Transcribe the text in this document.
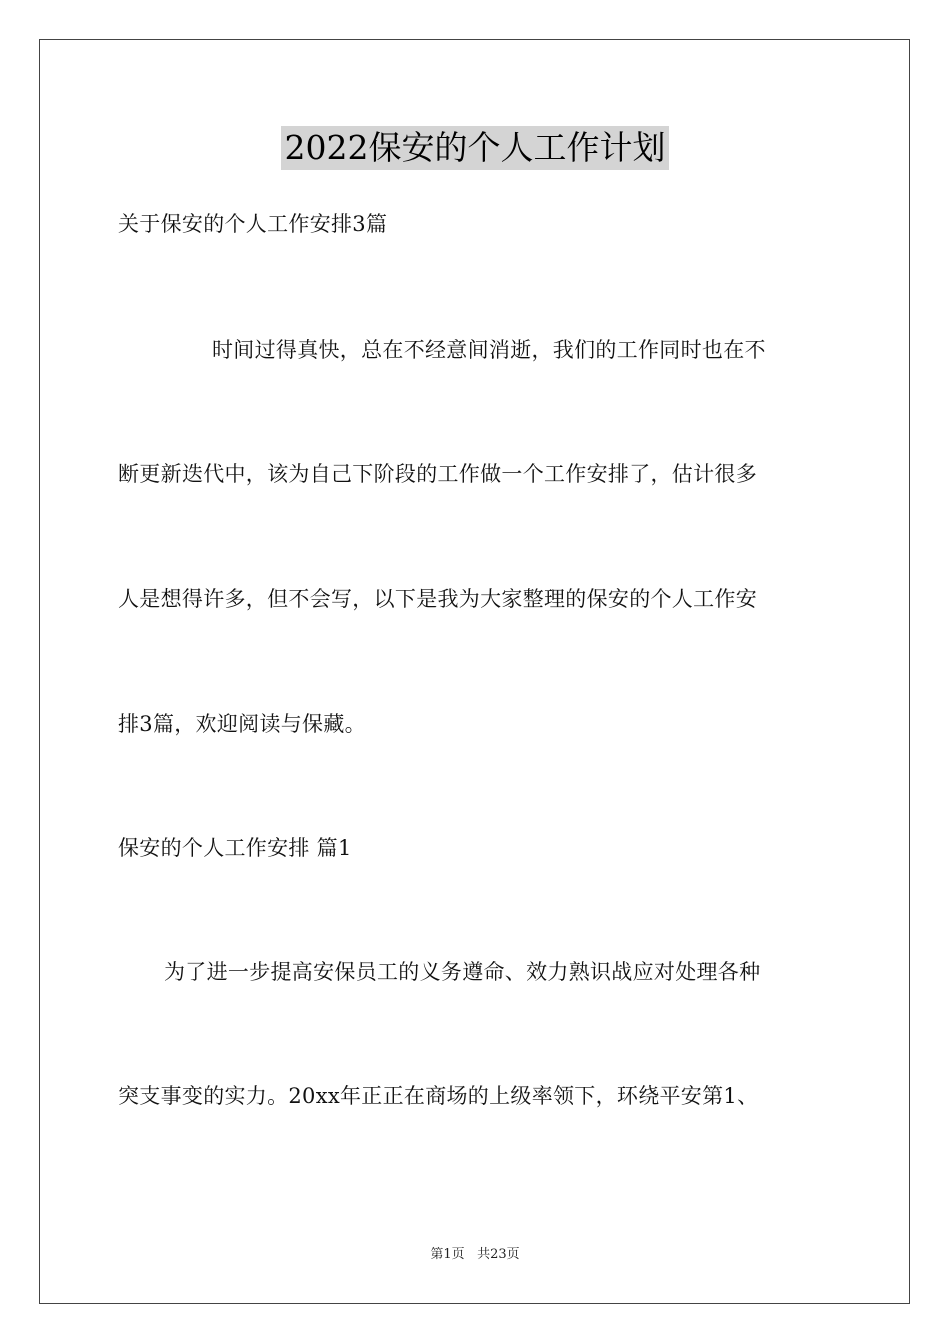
2022保安的个人工作计划
关于保安的个人工作安排3篇
时间过得真快，总在不经意间消逝，我们的工作同时也在不
断更新迭代中，该为自己下阶段的工作做一个工作安排了，估计很多
人是想得许多，但不会写，以下是我为大家整理的保安的个人工作安
排3篇，欢迎阅读与保藏。
保安的个人工作安排 篇1
为了进一步提高安保员工的义务遵命、效力熟识战应对处理各种
突支事变的实力。20xx年正正在商场的上级率领下，环绕平安第1、
第1页 共23页
